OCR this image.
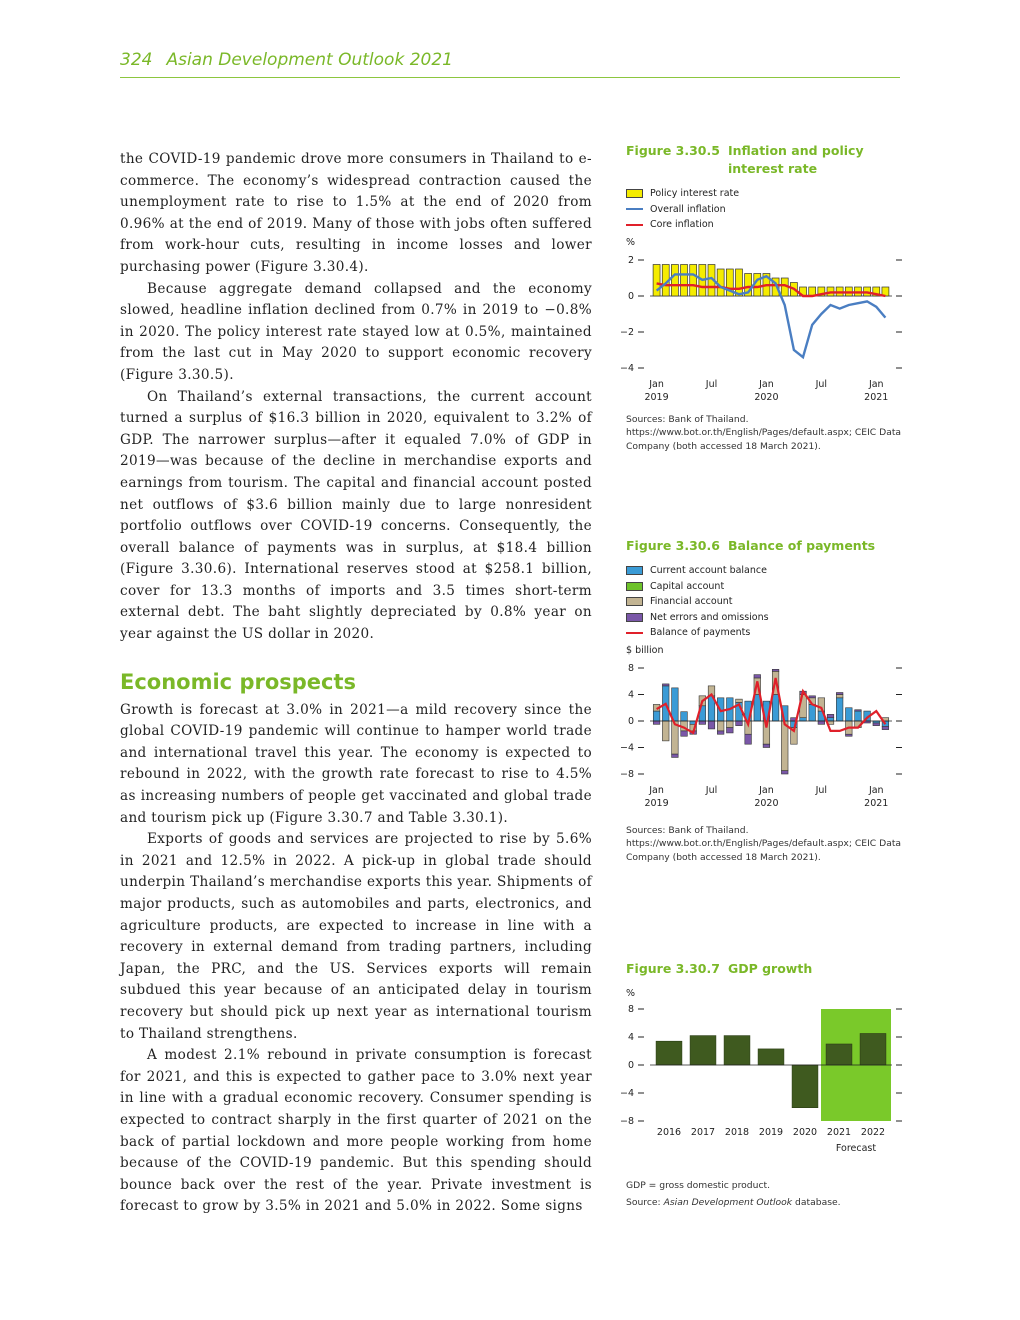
324 Asian Development Outlook 2021

the COVID-19 pandemic drove more consumers in Thailand to e-commerce. The economy’s widespread contraction caused the unemployment rate to rise to 1.5% at the end of 2020 from 0.96% at the end of 2019. Many of those with jobs often suffered from work-hour cuts, resulting in income losses and lower purchasing power (Figure 3.30.4).

Because aggregate demand collapsed and the economy slowed, headline inflation declined from 0.7% in 2019 to −0.8% in 2020. The policy interest rate stayed low at 0.5%, maintained from the last cut in May 2020 to support economic recovery (Figure 3.30.5).

On Thailand’s external transactions, the current account turned a surplus of $16.3 billion in 2020, equivalent to 3.2% of GDP. The narrower surplus—after it equaled 7.0% of GDP in 2019—was because of the decline in merchandise exports and earnings from tourism. The capital and financial account posted net outflows of $3.6 billion mainly due to large nonresident portfolio outflows over COVID-19 concerns. Consequently, the overall balance of payments was in surplus, at $18.4 billion (Figure 3.30.6). International reserves stood at $258.1 billion, cover for 13.3 months of imports and 3.5 times short-term external debt. The baht slightly depreciated by 0.8% year on year against the US dollar in 2020.

Economic prospects

Growth is forecast at 3.0% in 2021—a mild recovery since the global COVID-19 pandemic will continue to hamper world trade and international travel this year. The economy is expected to rebound in 2022, with the growth rate forecast to rise to 4.5% as increasing numbers of people get vaccinated and global trade and tourism pick up (Figure 3.30.7 and Table 3.30.1).

Exports of goods and services are projected to rise by 5.6% in 2021 and 12.5% in 2022. A pick-up in global trade should underpin Thailand’s merchandise exports this year. Shipments of major products, such as automobiles and parts, electronics, and agriculture products, are expected to increase in line with a recovery in external demand from trading partners, including Japan, the PRC, and the US. Services exports will remain subdued this year because of an anticipated delay in tourism recovery but should pick up next year as international tourism to Thailand strengthens.

A modest 2.1% rebound in private consumption is forecast for 2021, and this is expected to gather pace to 3.0% next year in line with a gradual economic recovery. Consumer spending is expected to contract sharply in the first quarter of 2021 on the back of partial lockdown and more people working from home because of the COVID-19 pandemic. But this spending should bounce back over the rest of the year. Private investment is forecast to grow by 3.5% in 2021 and 5.0% in 2022. Some signs

Figure 3.30.5 Inflation and policy interest rate
Policy interest rate
Overall inflation
Core inflation
%
2
0
−2
−4
Jan
2019
Jul	Jan
2020
Jul	Jan
2021
Sources: Bank of Thailand. https://www.bot.or.th/English/Pages/default.aspx; CEIC Data Company (both accessed 18 March 2021).
Figure 3.30.6 Balance of payments
Current account balance
Capital account
Financial account
Net errors and omissions
Balance of payments
$ billion
8
4
0
−4
−8
Jan
2019
Jul	Jan
2020
Jul	Jan
2021
Sources: Bank of Thailand. https://www.bot.or.th/English/Pages/default.aspx; CEIC Data Company (both accessed 18 March 2021).
Figure 3.30.7 GDP growth
%
Forecast
8
4
0
−4
−8
2016 2017 2018 2019 2020 2021 2022
GDP = gross domestic product.
Source: Asian Development Outlook database.
